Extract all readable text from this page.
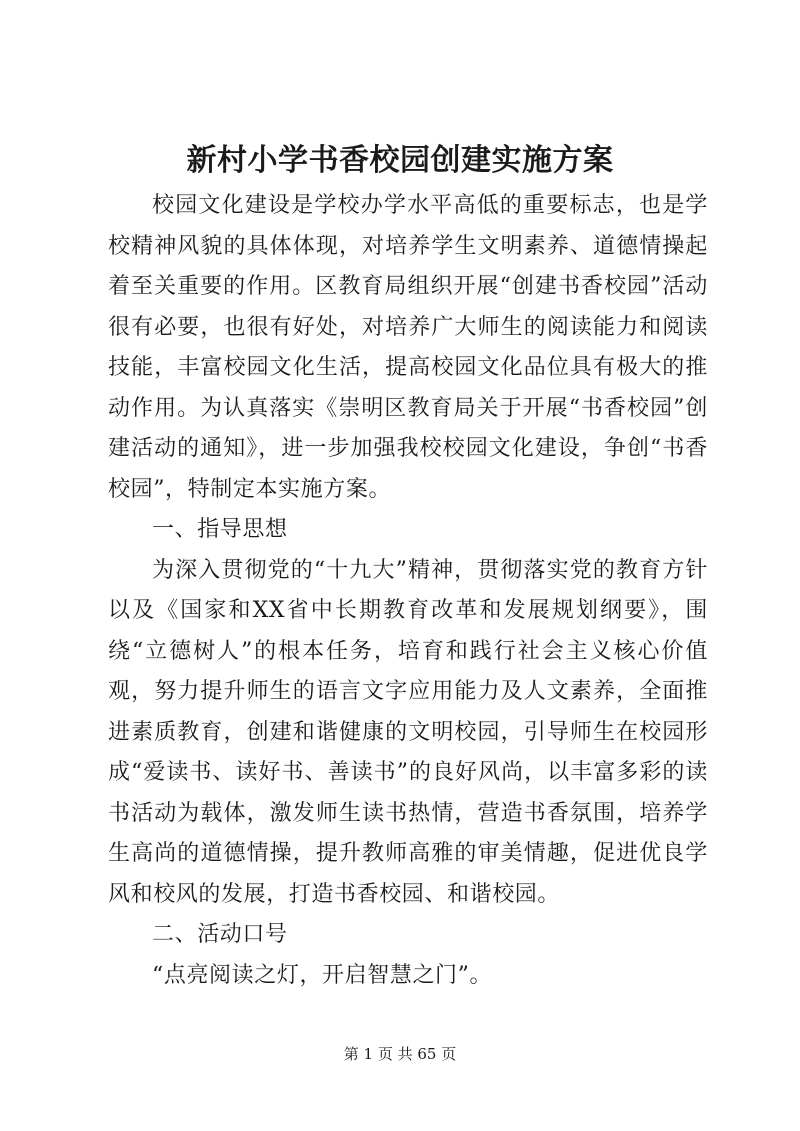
新村小学书香校园创建实施方案

校园文化建设是学校办学水平高低的重要标志，也是学校精神风貌的具体体现，对培养学生文明素养、道德情操起着至关重要的作用。区教育局组织开展“创建书香校园”活动很有必要，也很有好处，对培养广大师生的阅读能力和阅读技能，丰富校园文化生活，提高校园文化品位具有极大的推动作用。为认真落实《崇明区教育局关于开展“书香校园”创建活动的通知》，进一步加强我校校园文化建设，争创“书香校园”，特制定本实施方案。

一、指导思想

为深入贯彻党的“十九大”精神，贯彻落实党的教育方针以及《国家和XX省中长期教育改革和发展规划纲要》，围绕“立德树人”的根本任务，培育和践行社会主义核心价值观，努力提升师生的语言文字应用能力及人文素养，全面推进素质教育，创建和谐健康的文明校园，引导师生在校园形成“爱读书、读好书、善读书”的良好风尚，以丰富多彩的读书活动为载体，激发师生读书热情，营造书香氛围，培养学生高尚的道德情操，提升教师高雅的审美情趣，促进优良学风和校风的发展，打造书香校园、和谐校园。

二、活动口号

“点亮阅读之灯，开启智慧之门”。

第 1 页 共 65 页
